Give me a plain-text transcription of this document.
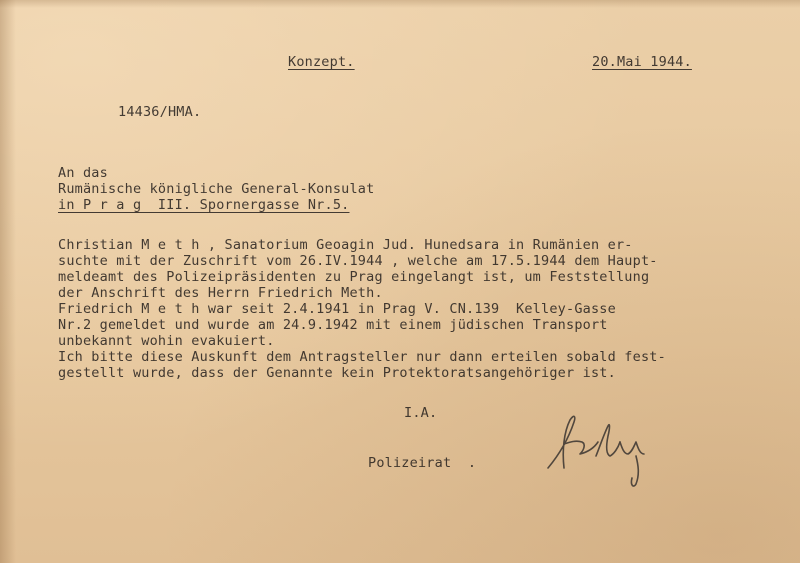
Konzept.	20.Mai 1944.
14436/HMA.
An das
Rumänische königliche General-Konsulat
in P r a g  III. Spornergasse Nr.5.
Christian M e t h , Sanatorium Geoagin Jud. Hunedsara in Rumänien er-
suchte mit der Zuschrift vom 26.IV.1944 , welche am 17.5.1944 dem Haupt-
meldeamt des Polizeipräsidenten zu Prag eingelangt ist, um Feststellung
der Anschrift des Herrn Friedrich Meth.
Friedrich M e t h war seit 2.4.1941 in Prag V. CN.139  Kelley-Gasse
Nr.2 gemeldet und wurde am 24.9.1942 mit einem jüdischen Transport
unbekannt wohin evakuiert.
Ich bitte diese Auskunft dem Antragsteller nur dann erteilen sobald fest-
gestellt wurde, dass der Genannte kein Protektoratsangehöriger ist.
I.A.
Polizeirat  .
